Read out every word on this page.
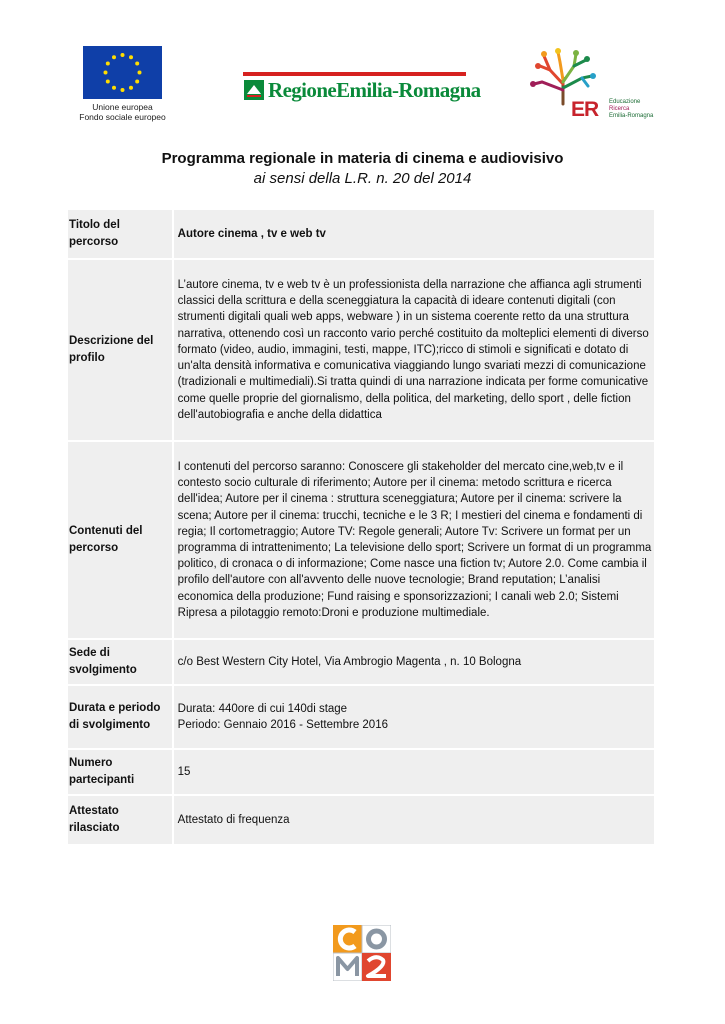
Unione europea
Fondo sociale europeo
RegioneEmilia-Romagna
ER Educazione
Ricerca
Emilia-Romagna
Programma regionale in materia di cinema e audiovisivo
ai sensi della L.R. n. 20 del 2014
Titolo del percorso
Autore cinema , tv e web tv
Descrizione del profilo
L’autore cinema, tv e web tv è un professionista della narrazione che affianca agli strumenti classici della scrittura e della sceneggiatura la capacità di ideare contenuti digitali (con strumenti digitali quali web apps, webware ) in un sistema coerente retto da una struttura narrativa, ottenendo così un racconto vario perché costituito da molteplici elementi di diverso formato (video, audio, immagini, testi, mappe, ITC);ricco di stimoli e significati e dotato di un'alta densità informativa e comunicativa viaggiando lungo svariati mezzi di comunicazione (tradizionali e multimediali).Si tratta quindi di una narrazione indicata per forme comunicative come quelle proprie del giornalismo, della politica, del marketing, dello sport , delle fiction dell'autobiografia e anche della didattica
Contenuti del percorso
I contenuti del percorso saranno: Conoscere gli stakeholder del mercato cine,web,tv e il contesto socio culturale di riferimento; Autore per il cinema: metodo scrittura e ricerca dell'idea; Autore per il cinema : struttura sceneggiatura; Autore per il cinema: scrivere la scena; Autore per il cinema: trucchi, tecniche e le 3 R; I mestieri del cinema e fondamenti di regia; Il cortometraggio; Autore TV: Regole generali; Autore Tv: Scrivere un format per un programma di intrattenimento; La televisione dello sport; Scrivere un format di un programma politico, di cronaca o di informazione; Come nasce una fiction tv; Autore 2.0. Come cambia il profilo dell'autore con all'avvento delle nuove tecnologie; Brand reputation; L’analisi economica della produzione; Fund raising e sponsorizzazioni; I canali web 2.0; Sistemi Ripresa a pilotaggio remoto:Droni e produzione multimediale.
Sede di svolgimento
c/o Best Western City Hotel, Via Ambrogio Magenta , n. 10 Bologna
Durata e periodo di svolgimento
Durata: 440ore di cui 140di stage
Periodo: Gennaio 2016 - Settembre 2016
Numero partecipanti
15
Attestato rilasciato
Attestato di frequenza
